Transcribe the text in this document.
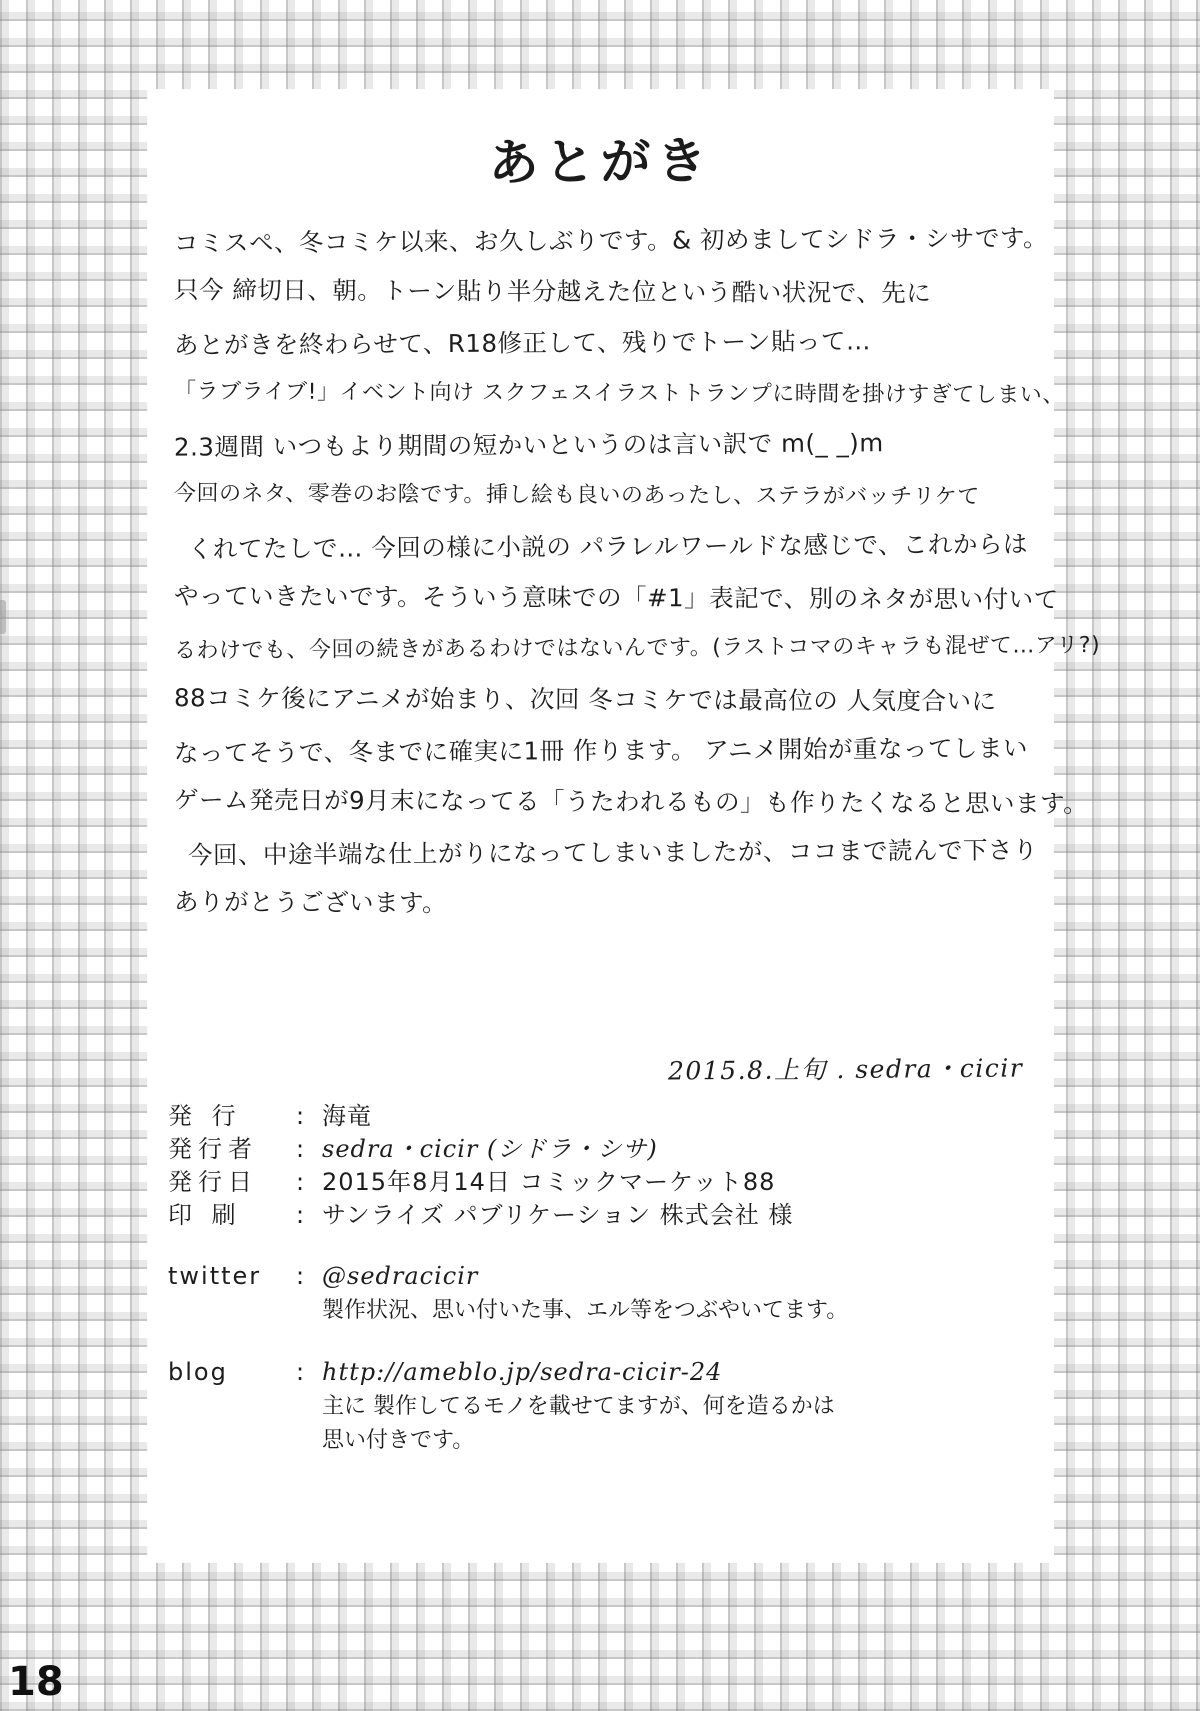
あとがき
コミスペ、冬コミケ以来、お久しぶりです。& 初めましてシドラ・シサです。
只今 締切日、朝。トーン貼り半分越えた位という酷い状況で、先に
あとがきを終わらせて、R18修正して、残りでトーン貼って…
「ラブライブ!」イベント向け スクフェスイラストトランプに時間を掛けすぎてしまい、
2.3週間 いつもより期間の短かいというのは言い訳で m(_ _)m
今回のネタ、零巻のお陰です。挿し絵も良いのあったし、ステラがバッチリケて
くれてたしで… 今回の様に小説の パラレルワールドな感じで、これからは
やっていきたいです。そういう意味での「#1」表記で、別のネタが思い付いて
るわけでも、今回の続きがあるわけではないんです。(ラストコマのキャラも混ぜて…アリ?)
88コミケ後にアニメが始まり、次回 冬コミケでは最高位の 人気度合いに
なってそうで、冬までに確実に1冊 作ります。 アニメ開始が重なってしまい
ゲーム発売日が9月末になってる「うたわれるもの」も作りたくなると思います。
今回、中途半端な仕上がりになってしまいましたが、ココまで読んで下さり
ありがとうございます。
2015.8.上旬 . sedra・cicir
発 行	: 海竜
発行者	: sedra・cicir (シドラ・シサ)
発行日	: 2015年8月14日 コミックマーケット88
印 刷	: サンライズ パブリケーション 株式会社 様
twitter	: @sedracicir
製作状況、思い付いた事、エル等をつぶやいてます。
blog	: http://ameblo.jp/sedra-cicir-24
主に 製作してるモノを載せてますが、何を造るかは
思い付きです。
18
